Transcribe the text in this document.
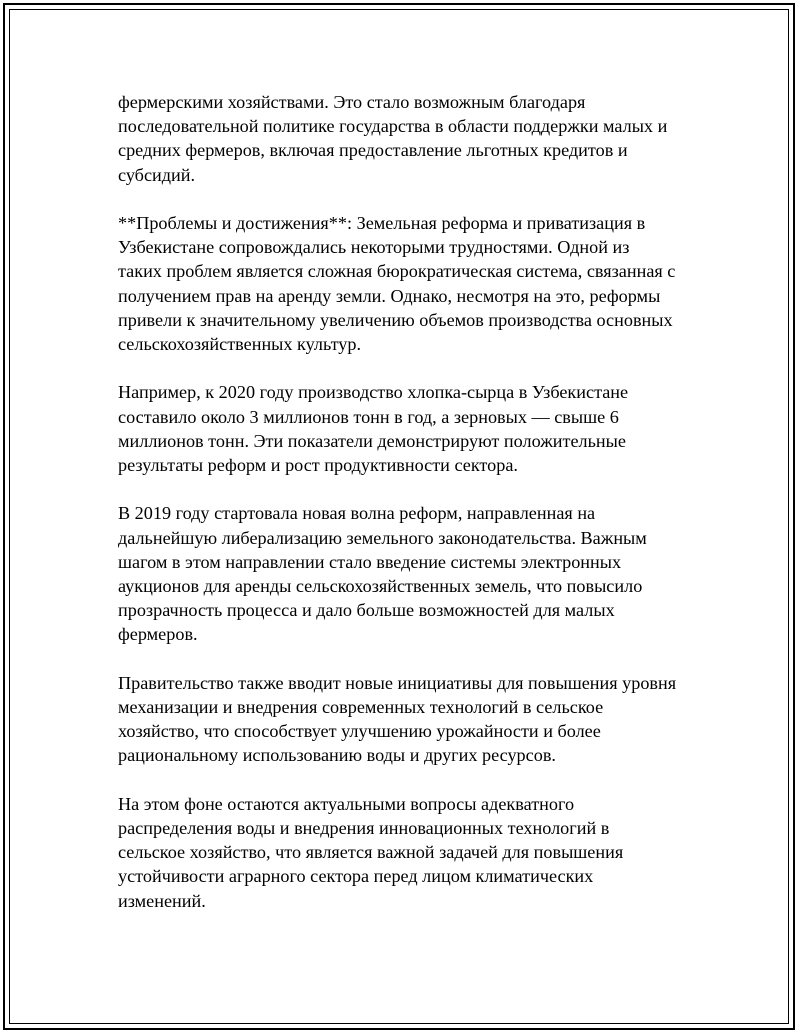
фермерскими хозяйствами. Это стало возможным благодаря
последовательной политике государства в области поддержки малых и
средних фермеров, включая предоставление льготных кредитов и
субсидий.

**Проблемы и достижения**: Земельная реформа и приватизация в
Узбекистане сопровождались некоторыми трудностями. Одной из
таких проблем является сложная бюрократическая система, связанная с
получением прав на аренду земли. Однако, несмотря на это, реформы
привели к значительному увеличению объемов производства основных
сельскохозяйственных культур.

Например, к 2020 году производство хлопка-сырца в Узбекистане
составило около 3 миллионов тонн в год, а зерновых — свыше 6
миллионов тонн. Эти показатели демонстрируют положительные
результаты реформ и рост продуктивности сектора.

В 2019 году стартовала новая волна реформ, направленная на
дальнейшую либерализацию земельного законодательства. Важным
шагом в этом направлении стало введение системы электронных
аукционов для аренды сельскохозяйственных земель, что повысило
прозрачность процесса и дало больше возможностей для малых
фермеров.

Правительство также вводит новые инициативы для повышения уровня
механизации и внедрения современных технологий в сельское
хозяйство, что способствует улучшению урожайности и более
рациональному использованию воды и других ресурсов.

На этом фоне остаются актуальными вопросы адекватного
распределения воды и внедрения инновационных технологий в
сельское хозяйство, что является важной задачей для повышения
устойчивости аграрного сектора перед лицом климатических
изменений.
